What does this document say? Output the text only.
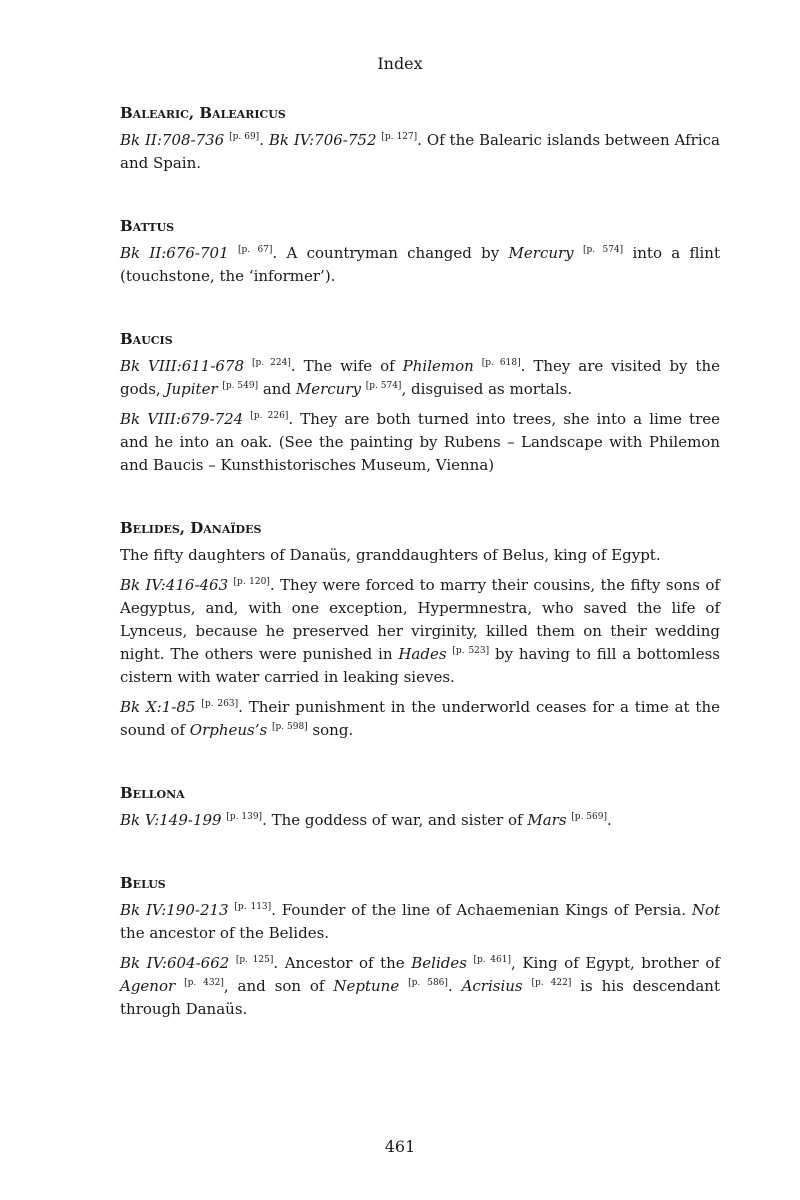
Index
Balearic, Balearicus

Bk II:708-736 [p. 69]. Bk IV:706-752 [p. 127]. Of the Balearic islands between Africa and Spain.

Battus

Bk II:676-701 [p. 67]. A countryman changed by Mercury [p. 574] into a flint (touchstone, the ‘informer’).

Baucis

Bk VIII:611-678 [p. 224]. The wife of Philemon [p. 618]. They are visited by the gods, Jupiter [p. 549] and Mercury [p. 574], disguised as mortals.

Bk VIII:679-724 [p. 226]. They are both turned into trees, she into a lime tree and he into an oak. (See the painting by Rubens – Landscape with Philemon and Baucis – Kunsthistorisches Museum, Vienna)

Belides, Danaïdes

The fifty daughters of Danaüs, granddaughters of Belus, king of Egypt.

Bk IV:416-463 [p. 120]. They were forced to marry their cousins, the fifty sons of Aegyptus, and, with one exception, Hypermnestra, who saved the life of Lynceus, because he preserved her virginity, killed them on their wedding night. The others were punished in Hades [p. 523] by having to fill a bottomless cistern with water carried in leaking sieves.

Bk X:1-85 [p. 263]. Their punishment in the underworld ceases for a time at the sound of Orpheus’s [p. 598] song.

Bellona

Bk V:149-199 [p. 139]. The goddess of war, and sister of Mars [p. 569].

Belus

Bk IV:190-213 [p. 113]. Founder of the line of Achaemenian Kings of Persia. Not the ancestor of the Belides.

Bk IV:604-662 [p. 125]. Ancestor of the Belides [p. 461], King of Egypt, brother of Agenor [p. 432], and son of Neptune [p. 586]. Acrisius [p. 422] is his descendant through Danaüs.

461
